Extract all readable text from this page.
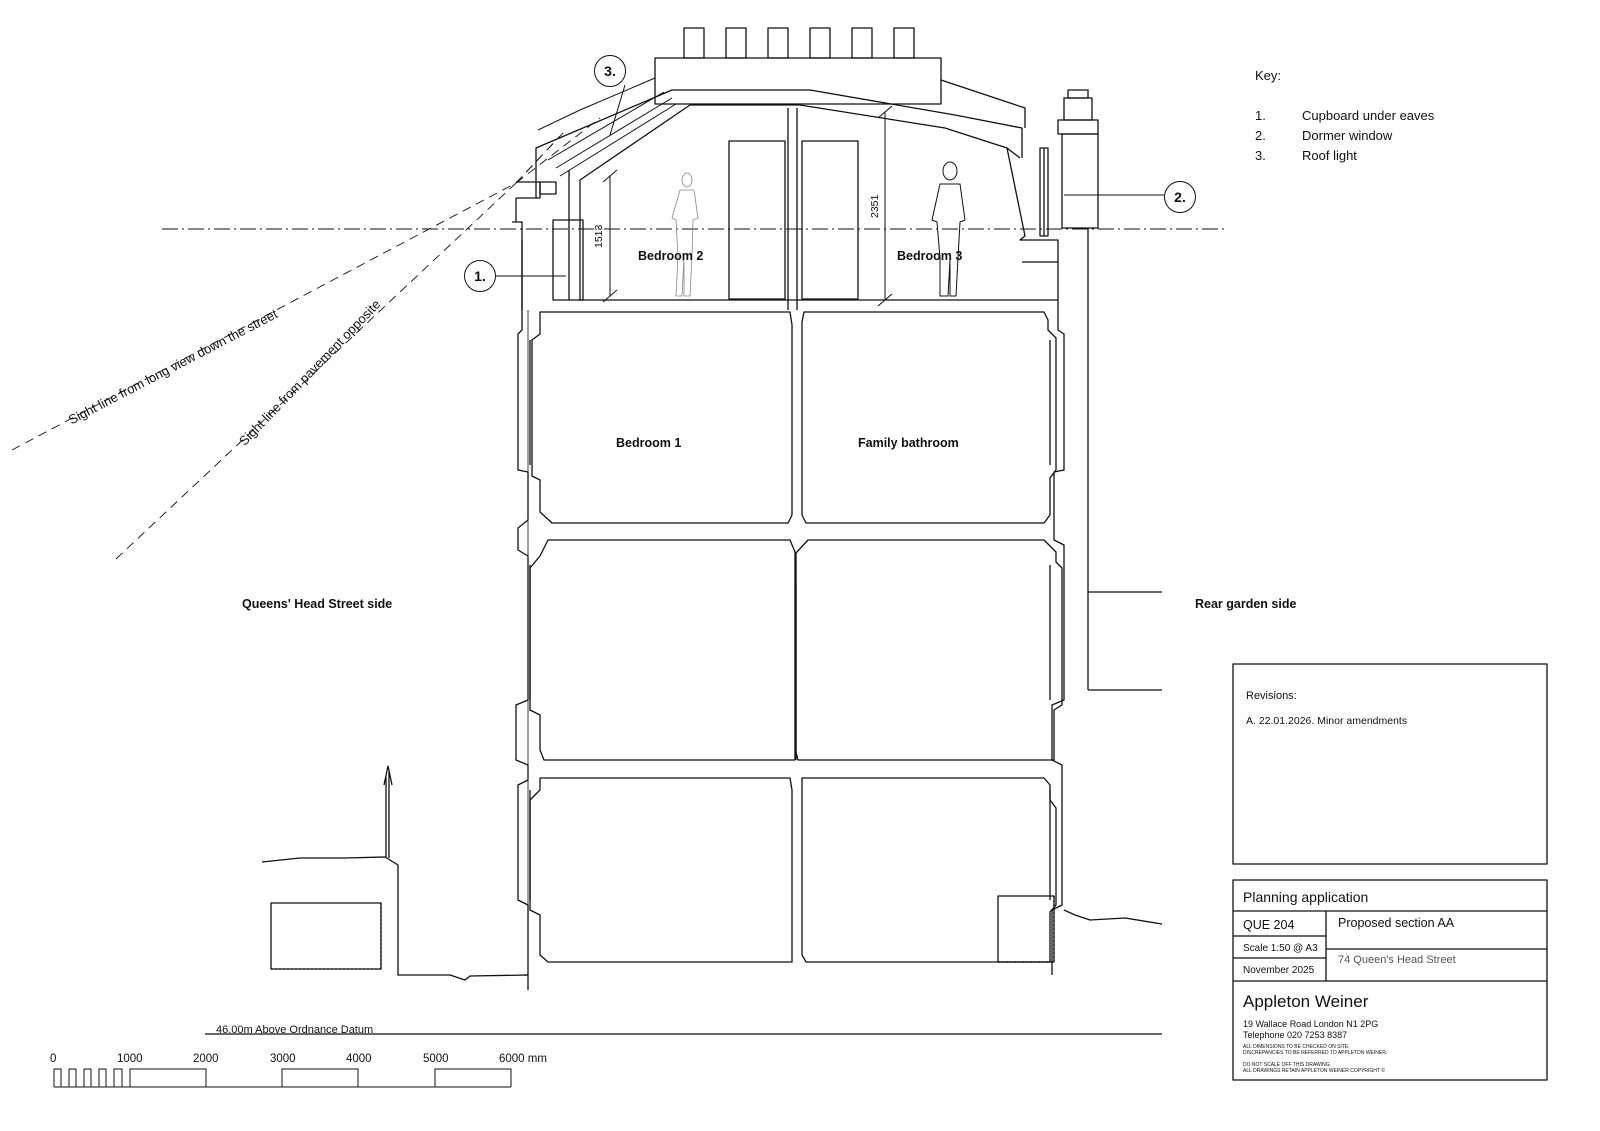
3.
1.
2.
Key:
1.	Cupboard under eaves
2.	Dormer window
3.	Roof light
Bedroom 2	Bedroom 3
Bedroom 1	Family bathroom
1513
2351
Sight line from long view down the street
Sight line from pavement opposite
Queens' Head Street side	Rear garden side
46.00m Above Ordnance Datum
0	1000	2000	3000	4000	5000	6000 mm
Revisions:
A. 22.01.2026. Minor amendments
Planning application
QUE 204	Proposed section AA
Scale 1:50 @ A3
74 Queen's Head Street
November 2025
Appleton Weiner
19 Wallace Road London N1 2PG
Telephone 020 7253 8387
ALL DIMENSIONS TO BE CHECKED ON SITE.
DISCREPANCIES TO BE REFERRED TO APPLETON WEINER.
DO NOT SCALE OFF THIS DRAWING.
ALL DRAWINGS RETAIN APPLETON WEINER COPYRIGHT ©
